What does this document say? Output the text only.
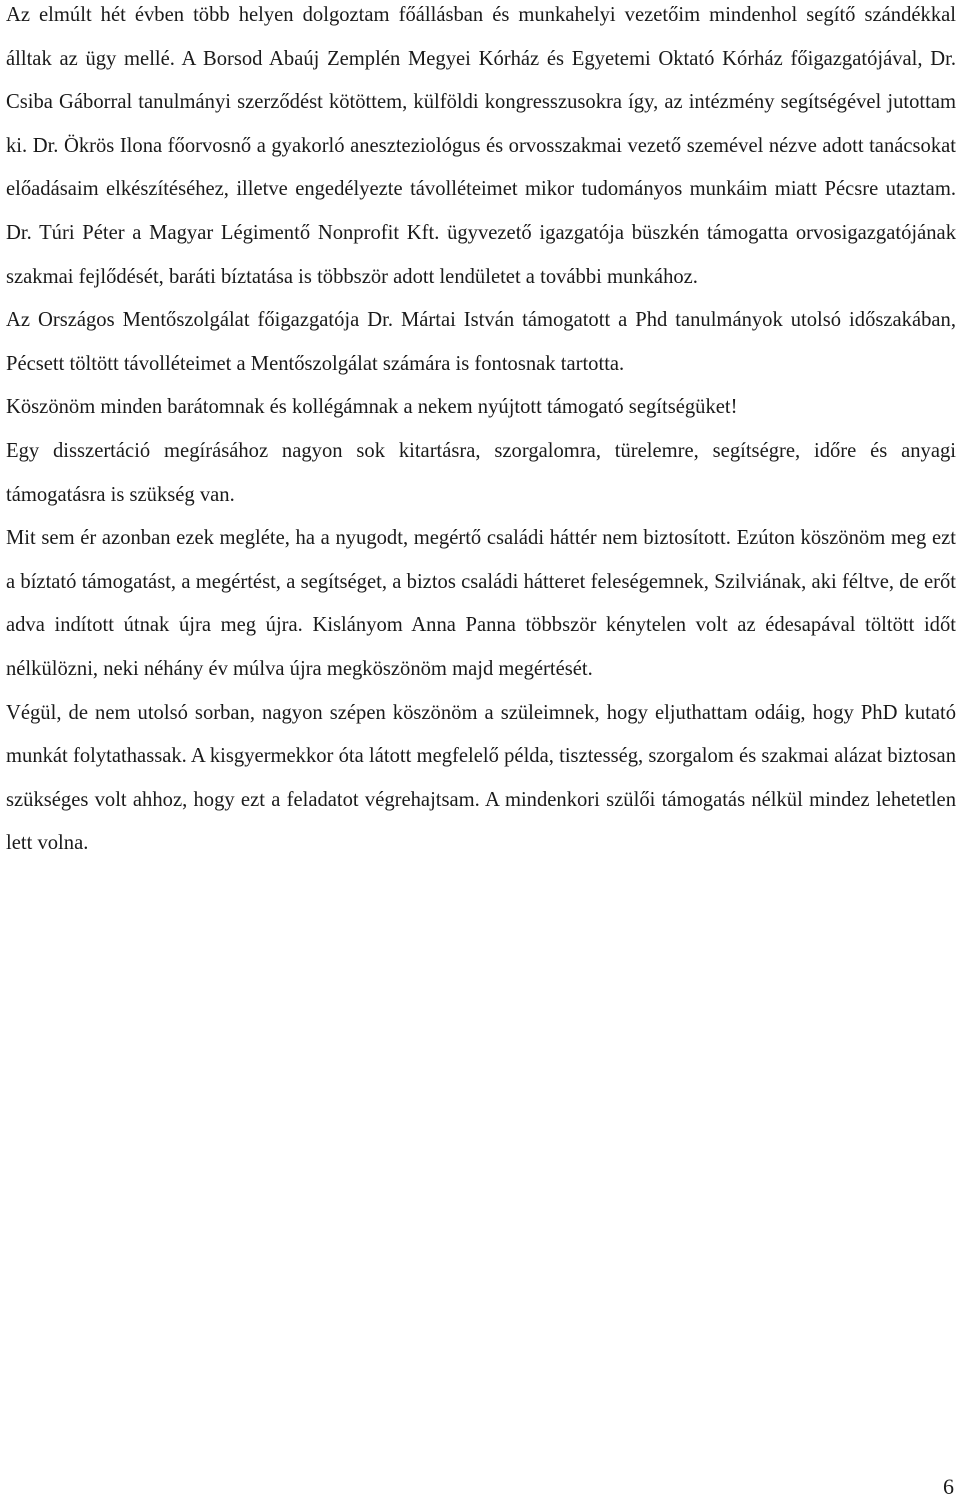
Az elmúlt hét évben több helyen dolgoztam főállásban és munkahelyi vezetőim mindenhol segítő szándékkal álltak az ügy mellé. A Borsod Abaúj Zemplén Megyei Kórház és Egyetemi Oktató Kórház főigazgatójával, Dr. Csiba Gáborral tanulmányi szerződést kötöttem, külföldi kongresszusokra így, az intézmény segítségével jutottam ki. Dr. Ökrös Ilona főorvosnő a gyakorló aneszteziológus és orvosszakmai vezető szemével nézve adott tanácsokat előadásaim elkészítéséhez, illetve engedélyezte távolléteimet mikor tudományos munkáim miatt Pécsre utaztam. Dr. Túri Péter a Magyar Légimentő Nonprofit Kft. ügyvezető igazgatója büszkén támogatta orvosigazgatójának szakmai fejlődését, baráti bíztatása is többször adott lendületet a további munkához.

Az Országos Mentőszolgálat főigazgatója Dr. Mártai István támogatott a Phd tanulmányok utolsó időszakában, Pécsett töltött távolléteimet a Mentőszolgálat számára is fontosnak tartotta.

Köszönöm minden barátomnak és kollégámnak a nekem nyújtott támogató segítségüket!

Egy disszertáció megírásához nagyon sok kitartásra, szorgalomra, türelemre, segítségre, időre és anyagi támogatásra is szükség van.

Mit sem ér azonban ezek megléte, ha a nyugodt, megértő családi háttér nem biztosított. Ezúton köszönöm meg ezt a bíztató támogatást, a megértést, a segítséget, a biztos családi hátteret feleségemnek, Szilviának, aki féltve, de erőt adva indított útnak újra meg újra. Kislányom Anna Panna többször kénytelen volt az édesapával töltött időt nélkülözni, neki néhány év múlva újra megköszönöm majd megértését.

Végül, de nem utolsó sorban, nagyon szépen köszönöm a szüleimnek, hogy eljuthattam odáig, hogy PhD kutató munkát folytathassak. A kisgyermekkor óta látott megfelelő példa, tisztesség, szorgalom és szakmai alázat biztosan szükséges volt ahhoz, hogy ezt a feladatot végrehajtsam. A mindenkori szülői támogatás nélkül mindez lehetetlen lett volna.

6
